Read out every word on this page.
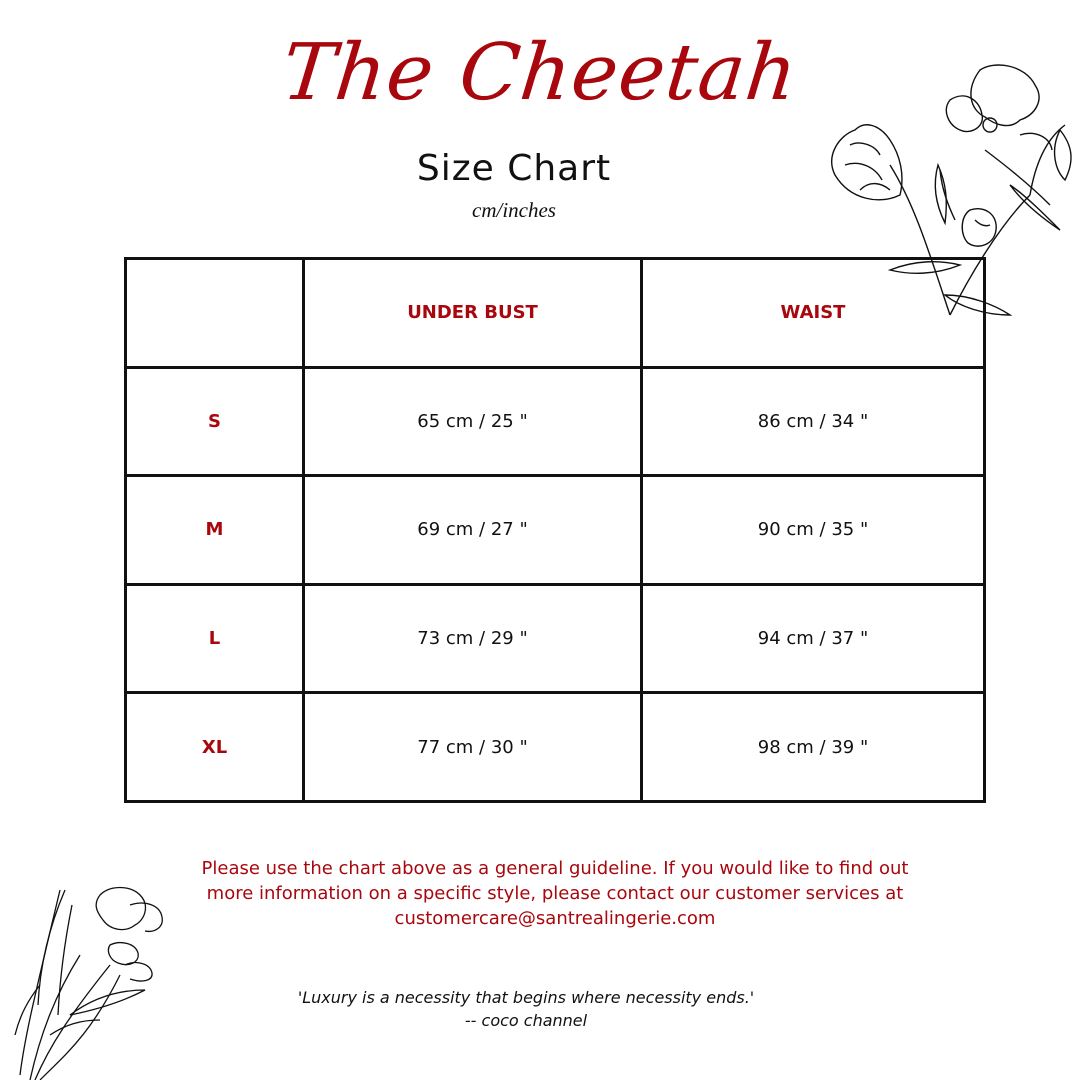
The Cheetah
Size Chart
cm/inches
	UNDER BUST	WAIST
S	65 cm / 25 "	86 cm / 34 "
M	69 cm / 27 "	90 cm / 35 "
L	73 cm / 29 "	94 cm / 37 "
XL	77 cm / 30 "	98 cm / 39 "
Please use the chart above as a general guideline. If you would like to find out
more information on a specific style, please contact our customer services at
customercare@santrealingerie.com
'Luxury is a necessity that begins where necessity ends.'
-- coco channel
